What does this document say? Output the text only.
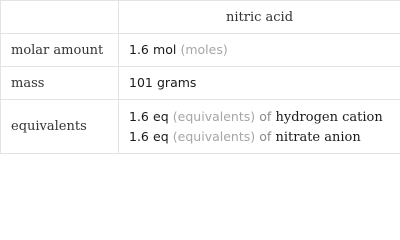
	nitric acid
molar amount	1.6 mol (moles)
mass	101 grams
equivalents	1.6 eq (equivalents) of hydrogen cation
1.6 eq (equivalents) of nitrate anion
